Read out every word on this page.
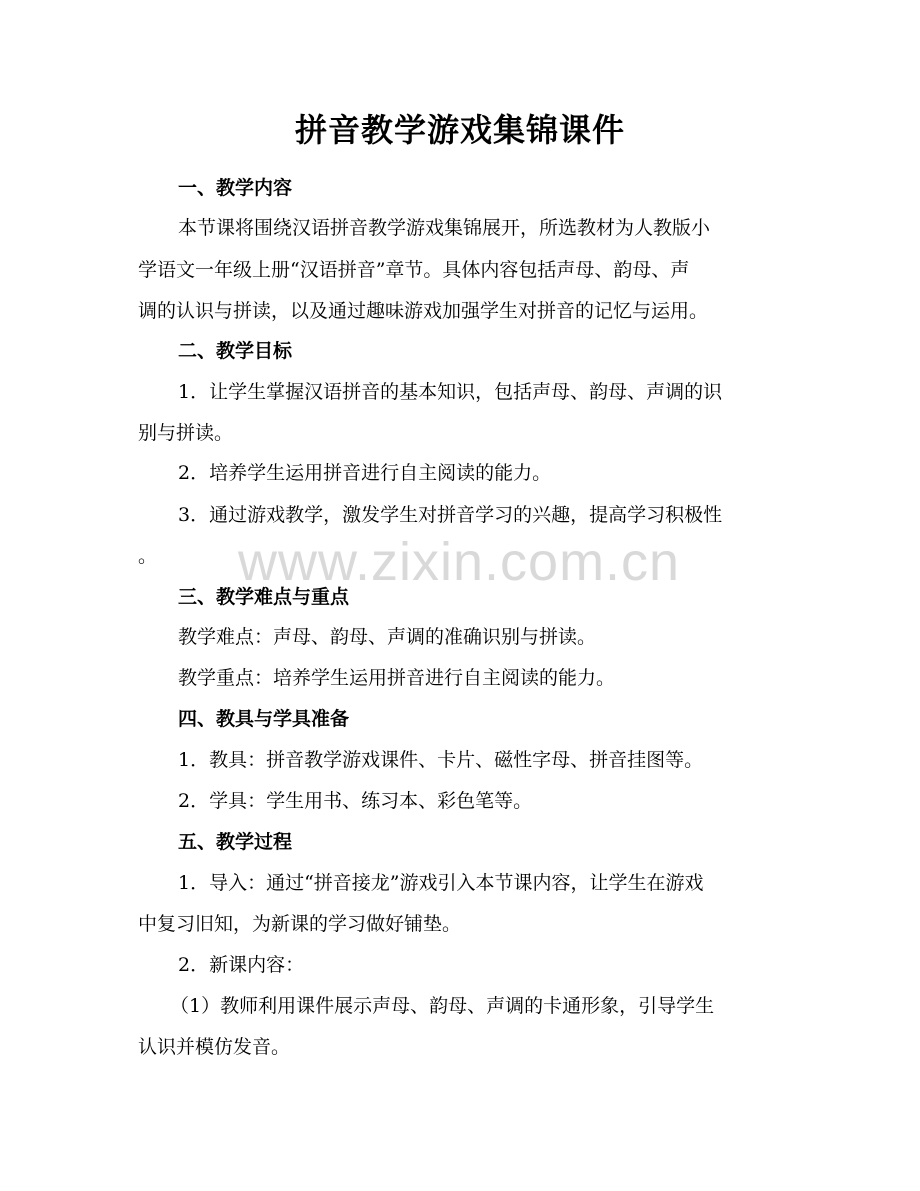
拼音教学游戏集锦课件
一、教学内容
本节课将围绕汉语拼音教学游戏集锦展开，所选教材为人教版小
学语文一年级上册“汉语拼音”章节。具体内容包括声母、韵母、声
调的认识与拼读，以及通过趣味游戏加强学生对拼音的记忆与运用。
二、教学目标
1．让学生掌握汉语拼音的基本知识，包括声母、韵母、声调的识
别与拼读。
2．培养学生运用拼音进行自主阅读的能力。
3．通过游戏教学，激发学生对拼音学习的兴趣，提高学习积极性
。
三、教学难点与重点
教学难点：声母、韵母、声调的准确识别与拼读。
教学重点：培养学生运用拼音进行自主阅读的能力。
四、教具与学具准备
1．教具：拼音教学游戏课件、卡片、磁性字母、拼音挂图等。
2．学具：学生用书、练习本、彩色笔等。
五、教学过程
1．导入：通过“拼音接龙”游戏引入本节课内容，让学生在游戏
中复习旧知，为新课的学习做好铺垫。
2．新课内容：
（1）教师利用课件展示声母、韵母、声调的卡通形象，引导学生
认识并模仿发音。
www.zixin.com.cn
